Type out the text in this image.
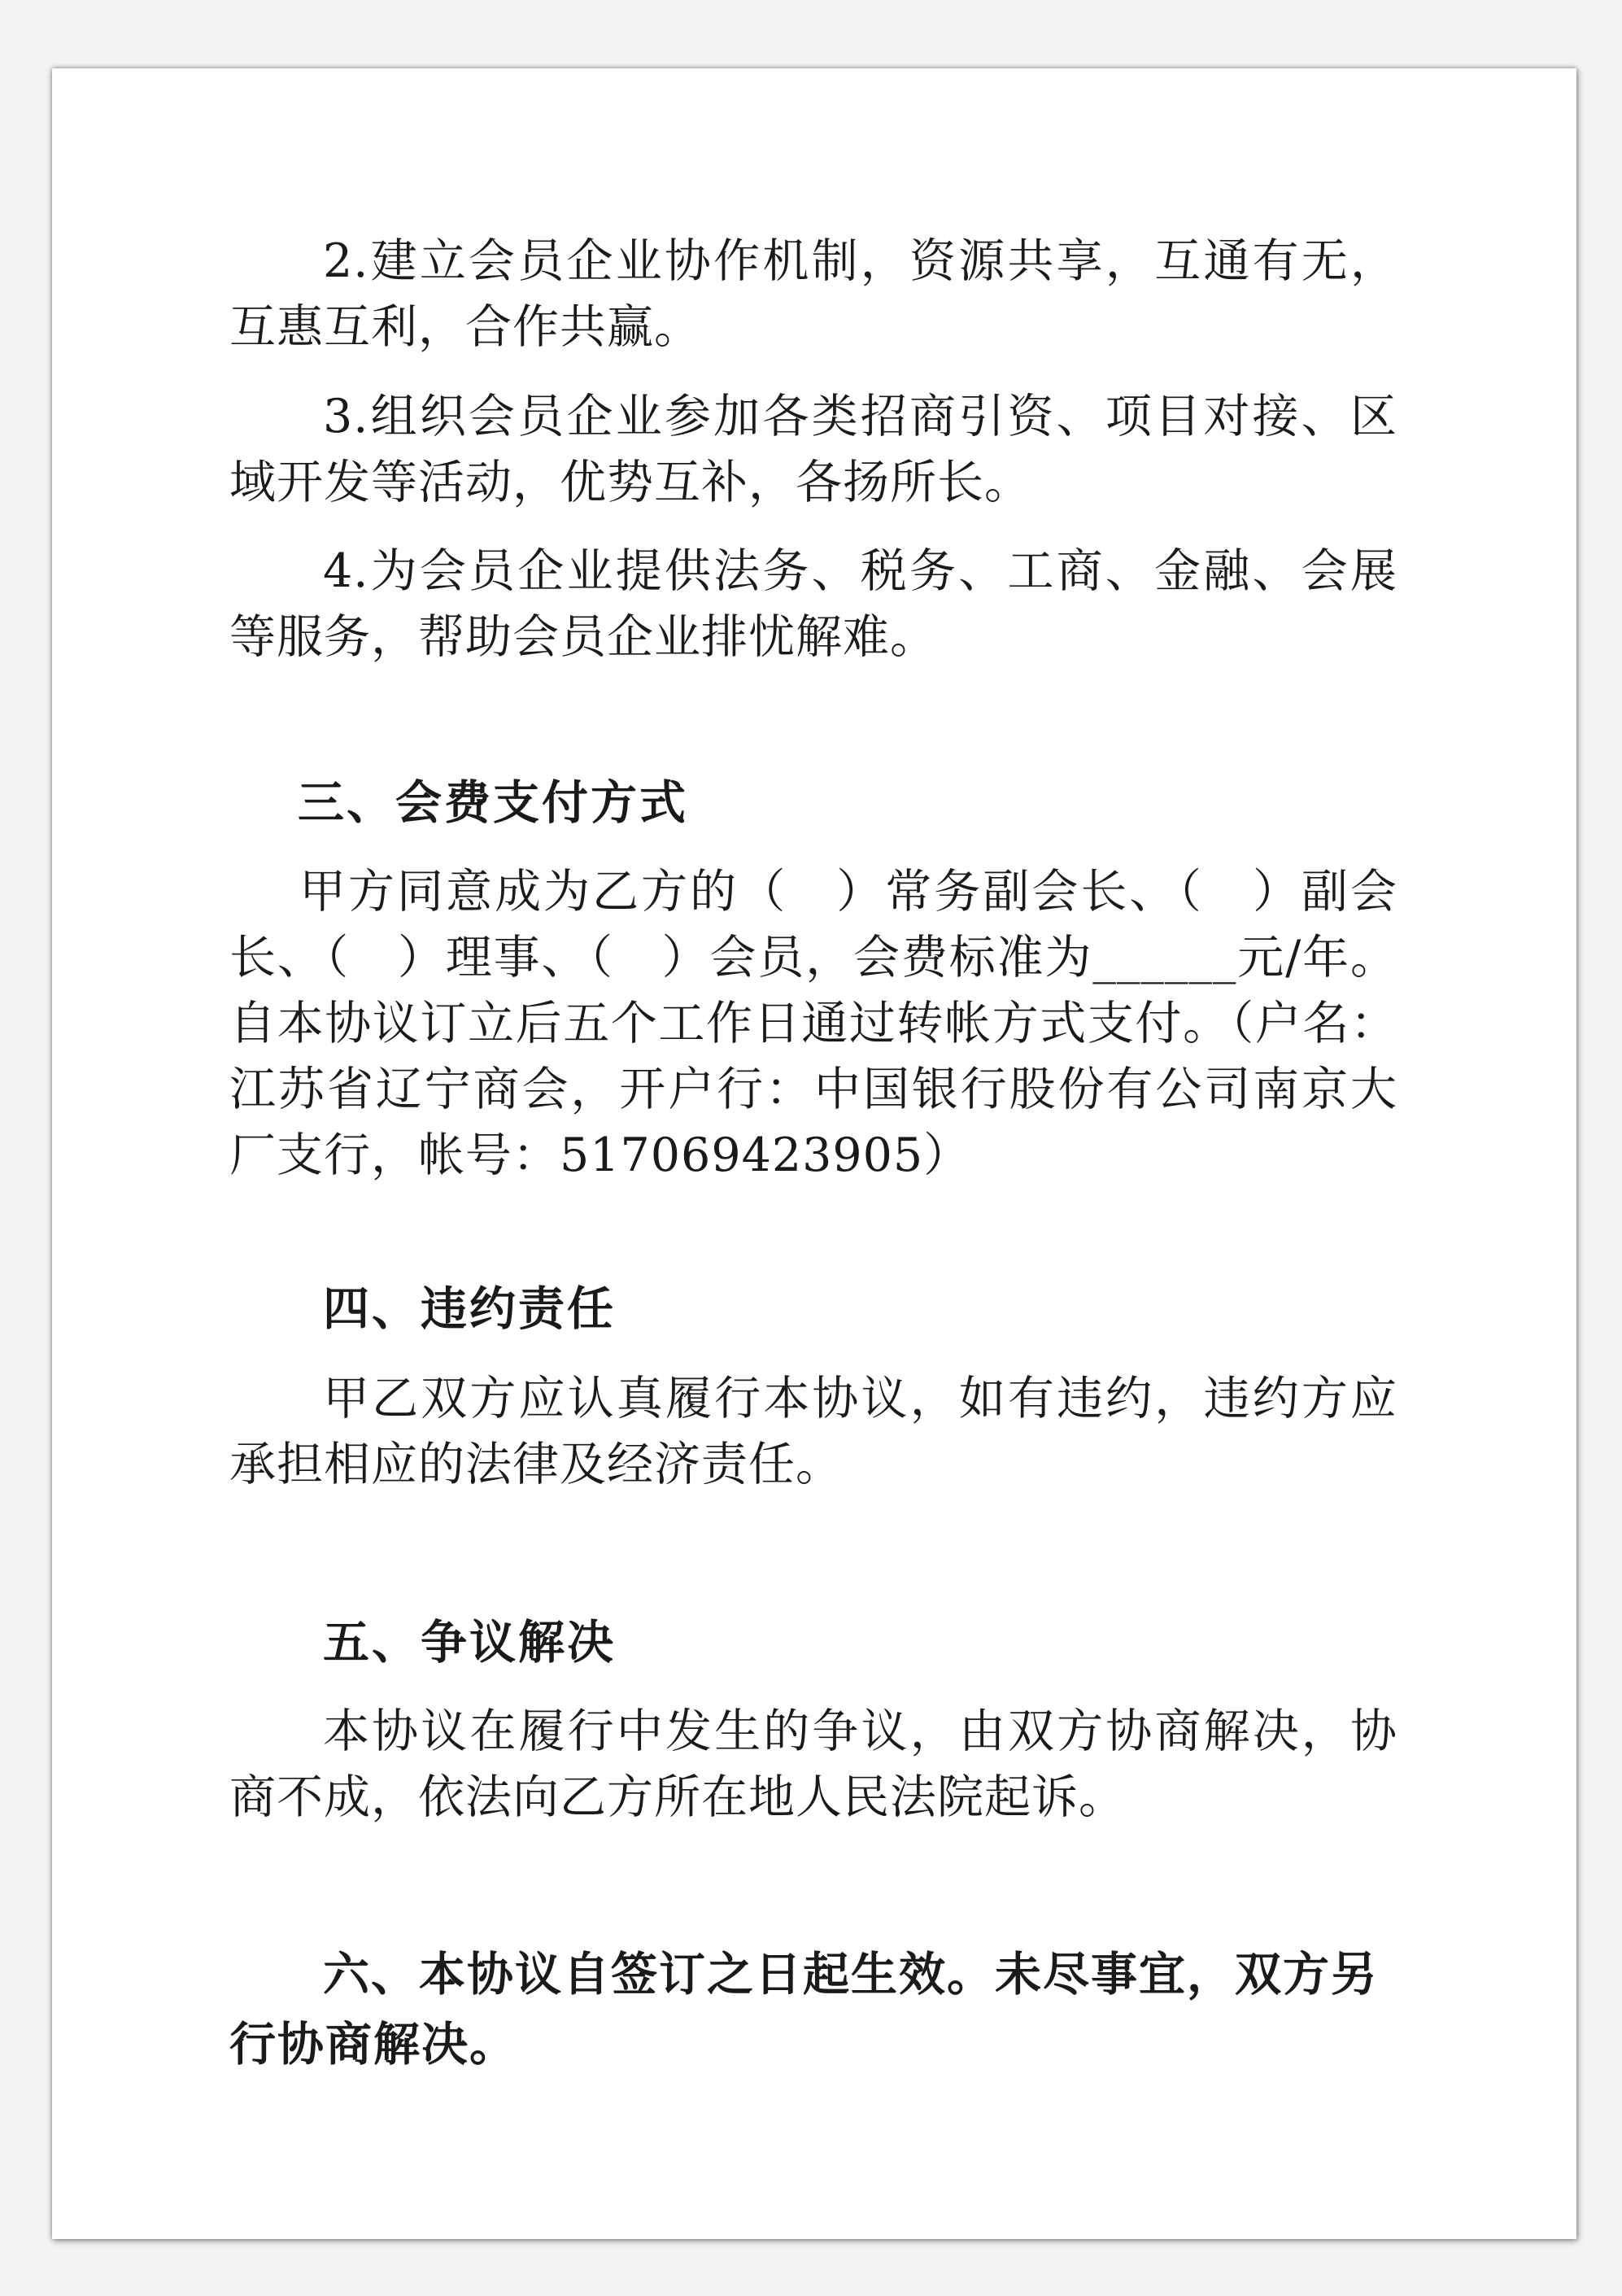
2.建立会员企业协作机制，资源共享，互通有无，互惠互利，合作共赢。

3.组织会员企业参加各类招商引资、项目对接、区域开发等活动，优势互补，各扬所长。

4.为会员企业提供法务、税务、工商、金融、会展等服务，帮助会员企业排忧解难。

三、会费支付方式

甲方同意成为乙方的（　）常务副会长、（　）副会长、（　）理事、（　）会员，会费标准为______元/年。自本协议订立后五个工作日通过转帐方式支付。（户名：江苏省辽宁商会，开户行：中国银行股份有公司南京大厂支行，帐号：517069423905）

四、违约责任

甲乙双方应认真履行本协议，如有违约，违约方应承担相应的法律及经济责任。

五、争议解决

本协议在履行中发生的争议，由双方协商解决，协商不成，依法向乙方所在地人民法院起诉。

六、本协议自签订之日起生效。未尽事宜，双方另行协商解决。
